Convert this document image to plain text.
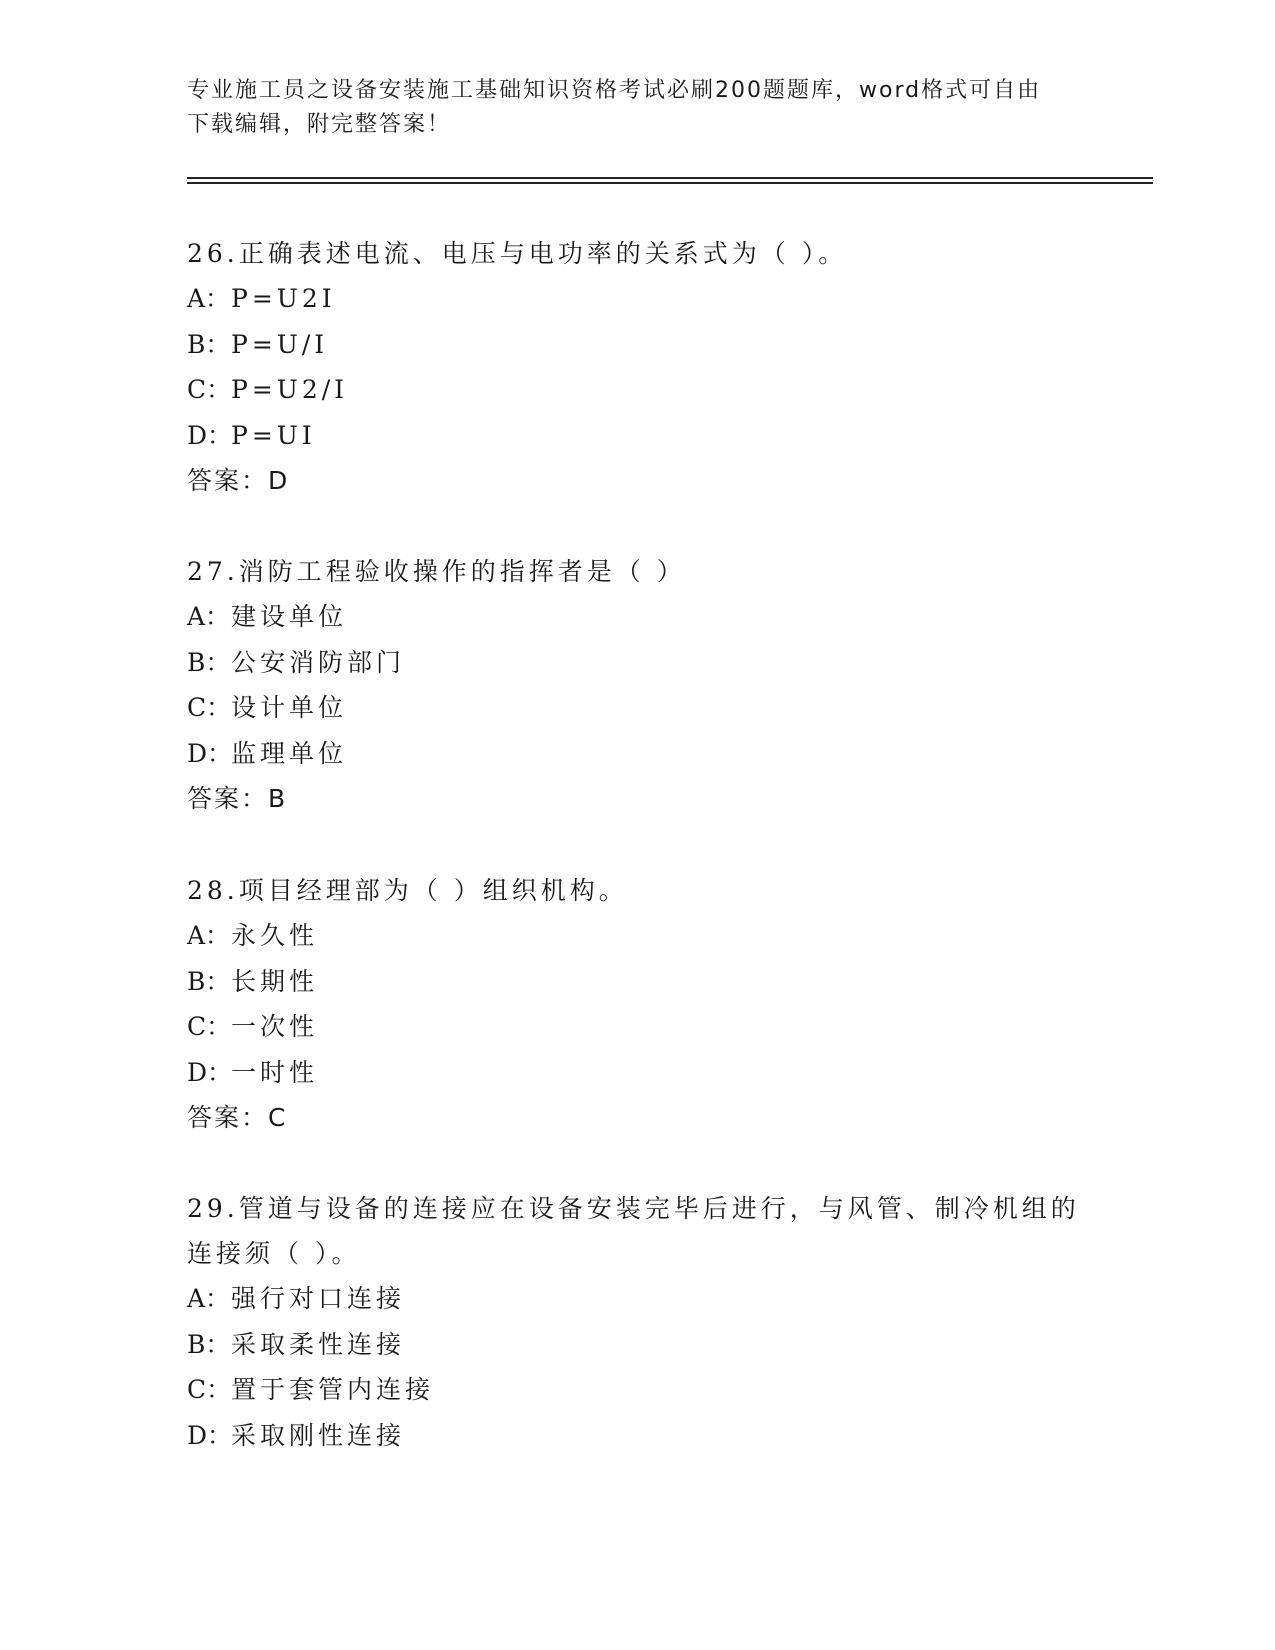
专业施工员之设备安装施工基础知识资格考试必刷200题题库，word格式可自由
下载编辑，附完整答案！

26.正确表述电流、电压与电功率的关系式为（ ）。

A：P=U2I

B：P=U/I

C：P=U2/I

D：P=UI

答案：D

27.消防工程验收操作的指挥者是（ ）

A：建设单位

B：公安消防部门

C：设计单位

D：监理单位

答案：B

28.项目经理部为（ ）组织机构。

A：永久性

B：长期性

C：一次性

D：一时性

答案：C

29.管道与设备的连接应在设备安装完毕后进行，与风管、制冷机组的

连接须（ ）。

A：强行对口连接

B：采取柔性连接

C：置于套管内连接

D：采取刚性连接
